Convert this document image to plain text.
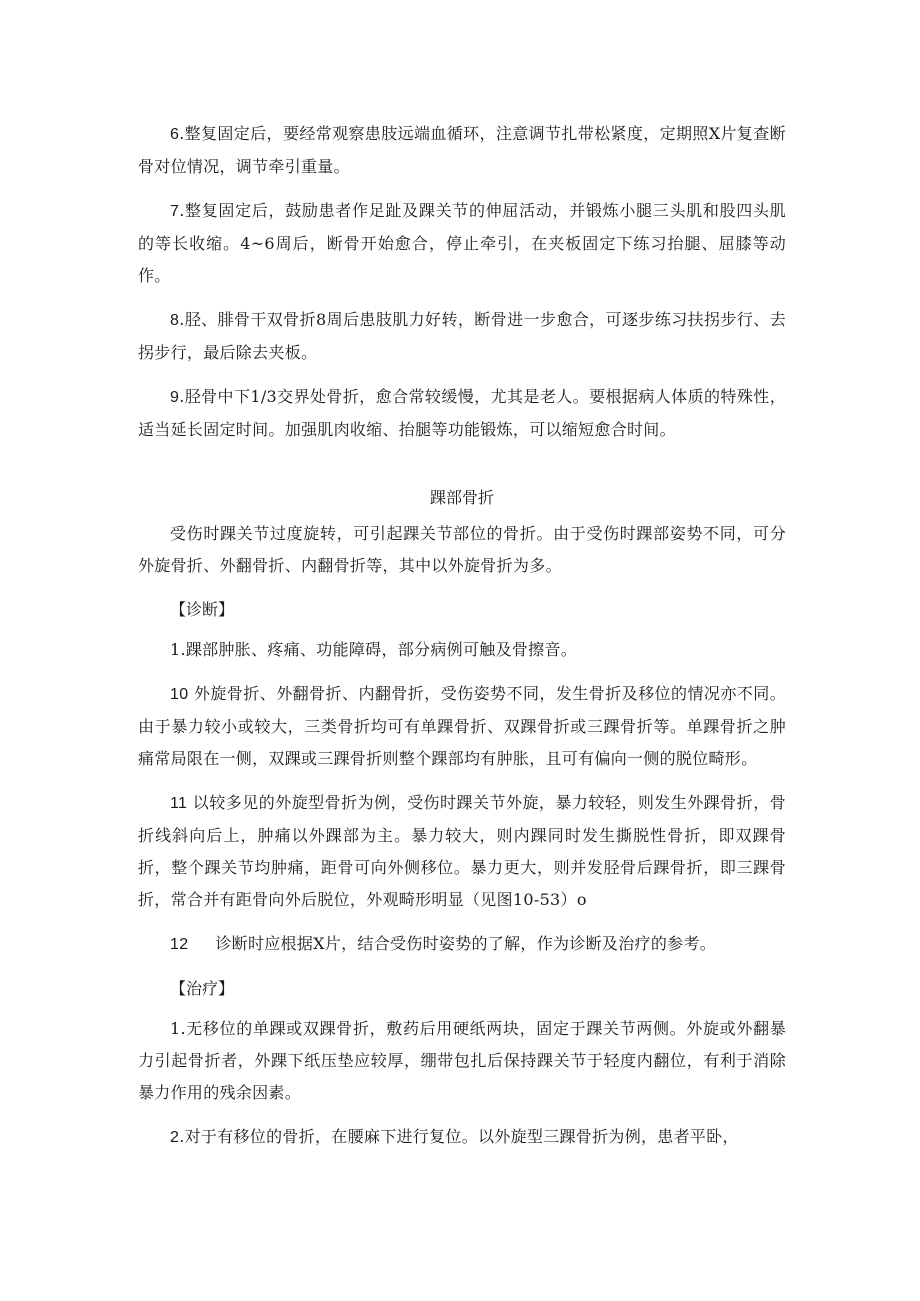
6.整复固定后，要经常观察患肢远端血循环，注意调节扎带松紧度，定期照X片复查断骨对位情况，调节牵引重量。

7.整复固定后，鼓励患者作足趾及踝关节的伸屈活动，并锻炼小腿三头肌和股四头肌的等长收缩。4~6周后，断骨开始愈合，停止牵引，在夹板固定下练习抬腿、屈膝等动作。

8.胫、腓骨干双骨折8周后患肢肌力好转，断骨进一步愈合，可逐步练习扶拐步行、去拐步行，最后除去夹板。

9.胫骨中下1/3交界处骨折，愈合常较缓慢，尤其是老人。要根据病人体质的特殊性，适当延长固定时间。加强肌肉收缩、抬腿等功能锻炼，可以缩短愈合时间。

踝部骨折

受伤时踝关节过度旋转，可引起踝关节部位的骨折。由于受伤时踝部姿势不同，可分外旋骨折、外翻骨折、内翻骨折等，其中以外旋骨折为多。

【诊断】

1.踝部肿胀、疼痛、功能障碍，部分病例可触及骨擦音。

10 外旋骨折、外翻骨折、内翻骨折，受伤姿势不同，发生骨折及移位的情况亦不同。由于暴力较小或较大，三类骨折均可有单踝骨折、双踝骨折或三踝骨折等。单踝骨折之肿痛常局限在一侧，双踝或三踝骨折则整个踝部均有肿胀，且可有偏向一侧的脱位畸形。

11 以较多见的外旋型骨折为例，受伤时踝关节外旋，暴力较轻，则发生外踝骨折，骨折线斜向后上，肿痛以外踝部为主。暴力较大，则内踝同时发生撕脱性骨折，即双踝骨折，整个踝关节均肿痛，距骨可向外侧移位。暴力更大，则并发胫骨后踝骨折，即三踝骨折，常合并有距骨向外后脱位，外观畸形明显（见图10-53）o

12 诊断时应根据X片，结合受伤时姿势的了解，作为诊断及治疗的参考。

【治疗】

1.无移位的单踝或双踝骨折，敷药后用硬纸两块，固定于踝关节两侧。外旋或外翻暴力引起骨折者，外踝下纸压垫应较厚，绷带包扎后保持踝关节于轻度内翻位，有利于消除暴力作用的残余因素。

2.对于有移位的骨折，在腰麻下进行复位。以外旋型三踝骨折为例，患者平卧，
